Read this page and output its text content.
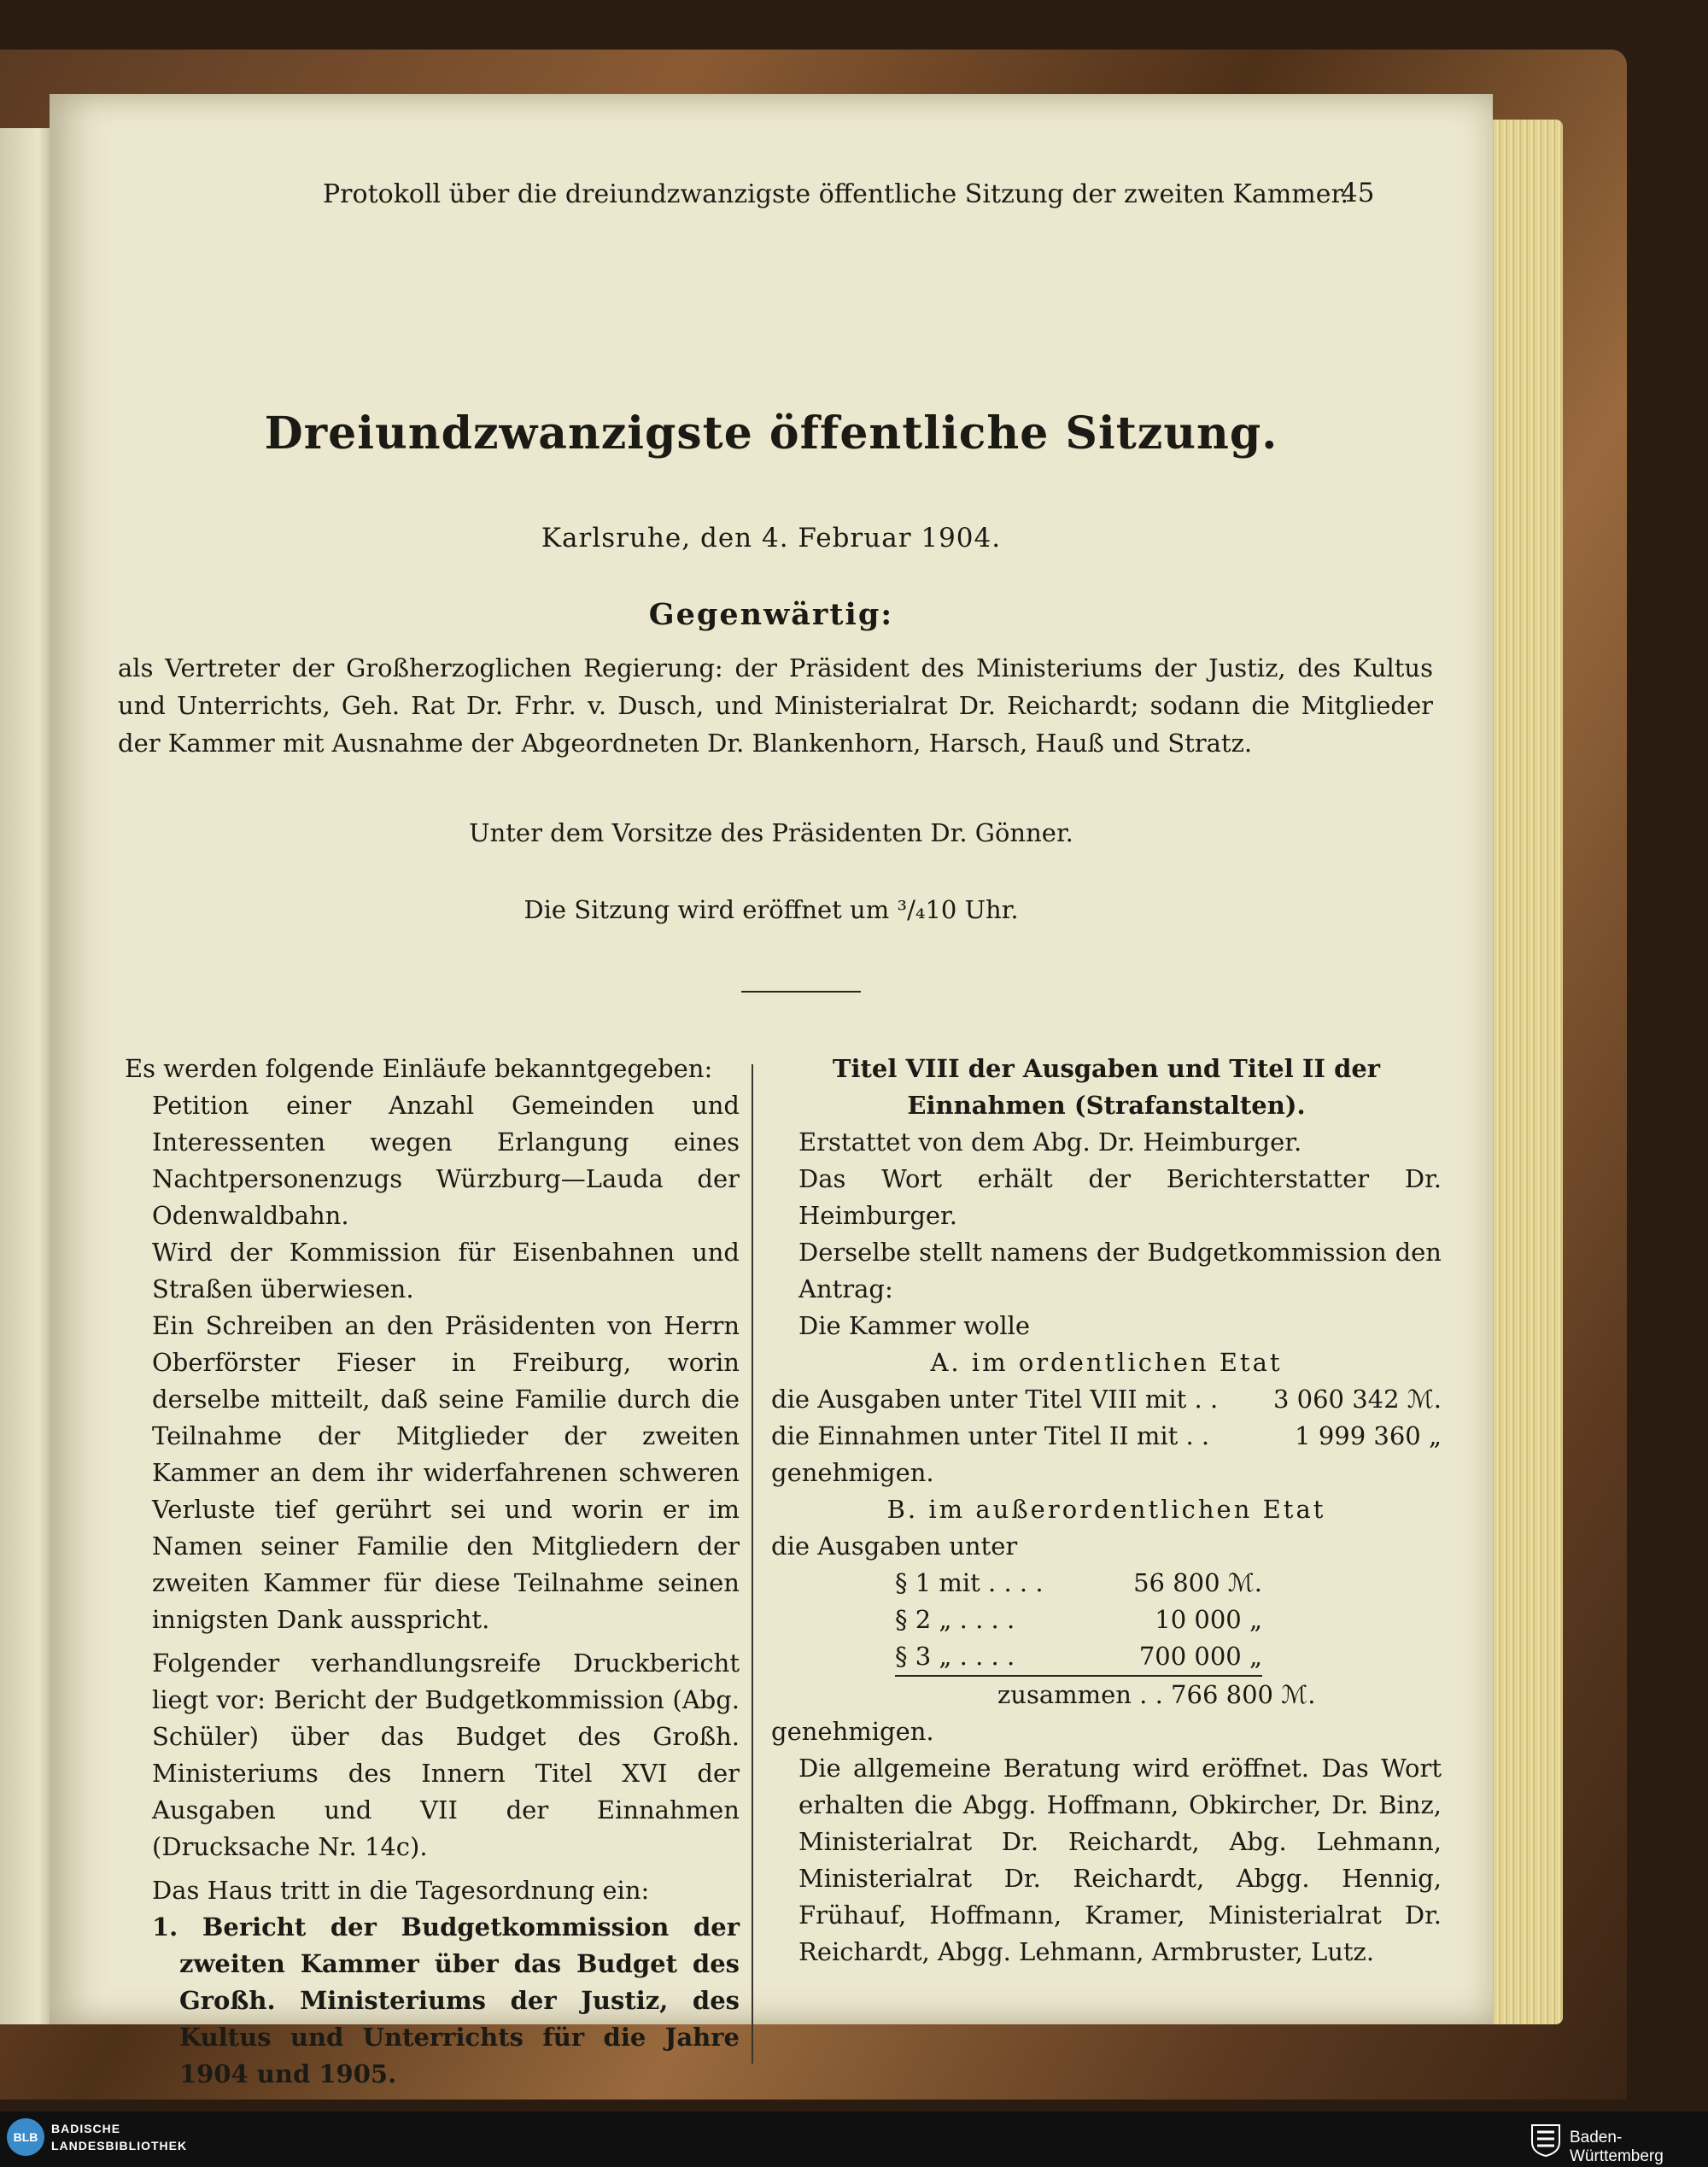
Protokoll über die dreiundzwanzigste öffentliche Sitzung der zweiten Kammer.
45
Dreiundzwanzigste öffentliche Sitzung.
Karlsruhe, den 4. Februar 1904.
Gegenwärtig:
als Vertreter der Großherzoglichen Regierung: der Präsident des Ministeriums der Justiz, des Kultus und Unterrichts, Geh. Rat Dr. Frhr. v. Dusch, und Ministerialrat Dr. Reichardt; sodann die Mitglieder der Kammer mit Ausnahme der Abgeordneten Dr. Blankenhorn, Harsch, Hauß und Stratz.
Unter dem Vorsitze des Präsidenten Dr. Gönner.
Die Sitzung wird eröffnet um ³/₄10 Uhr.

Es werden folgende Einläufe bekanntgegeben:

Petition einer Anzahl Gemeinden und Interessenten wegen Erlangung eines Nachtpersonenzugs Würzburg—Lauda der Odenwaldbahn.

Wird der Kommission für Eisenbahnen und Straßen überwiesen.

Ein Schreiben an den Präsidenten von Herrn Oberförster Fieser in Freiburg, worin derselbe mitteilt, daß seine Familie durch die Teilnahme der Mitglieder der zweiten Kammer an dem ihr widerfahrenen schweren Verluste tief gerührt sei und worin er im Namen seiner Familie den Mitgliedern der zweiten Kammer für diese Teilnahme seinen innigsten Dank ausspricht.

Folgender verhandlungsreife Druckbericht liegt vor: Bericht der Budgetkommission (Abg. Schüler) über das Budget des Großh. Ministeriums des Innern Titel XVI der Ausgaben und VII der Einnahmen (Drucksache Nr. 14c).

Das Haus tritt in die Tagesordnung ein:

1. Bericht der Budgetkommission der zweiten Kammer über das Budget des Großh. Ministeriums der Justiz, des Kultus und Unterrichts für die Jahre 1904 und 1905.

Titel VIII der Ausgaben und Titel II der Einnahmen (Strafanstalten).

Erstattet von dem Abg. Dr. Heimburger.

Das Wort erhält der Berichterstatter Dr. Heimburger.

Derselbe stellt namens der Budgetkommission den Antrag:

Die Kammer wolle

A. im ordentlichen Etat

die Ausgaben unter Titel VIII mit . . 3 060 342 ℳ.
die Einnahmen unter Titel II mit . .	1 999 360 „

genehmigen.

B. im außerordentlichen Etat

die Ausgaben unter

§ 1 mit . . . .	56 800 ℳ.
§ 2 „ . . . .	10 000 „
§ 3 „ . . . .	700 000 „

zusammen . . 766 800 ℳ.

genehmigen.

Die allgemeine Beratung wird eröffnet. Das Wort erhalten die Abgg. Hoffmann, Obkircher, Dr. Binz, Ministerialrat Dr. Reichardt, Abg. Lehmann, Ministerialrat Dr. Reichardt, Abgg. Hennig, Frühauf, Hoffmann, Kramer, Ministerialrat Dr. Reichardt, Abgg. Lehmann, Armbruster, Lutz.

BLB
BADISCHE
LANDESBIBLIOTHEK	Baden-Württemberg
